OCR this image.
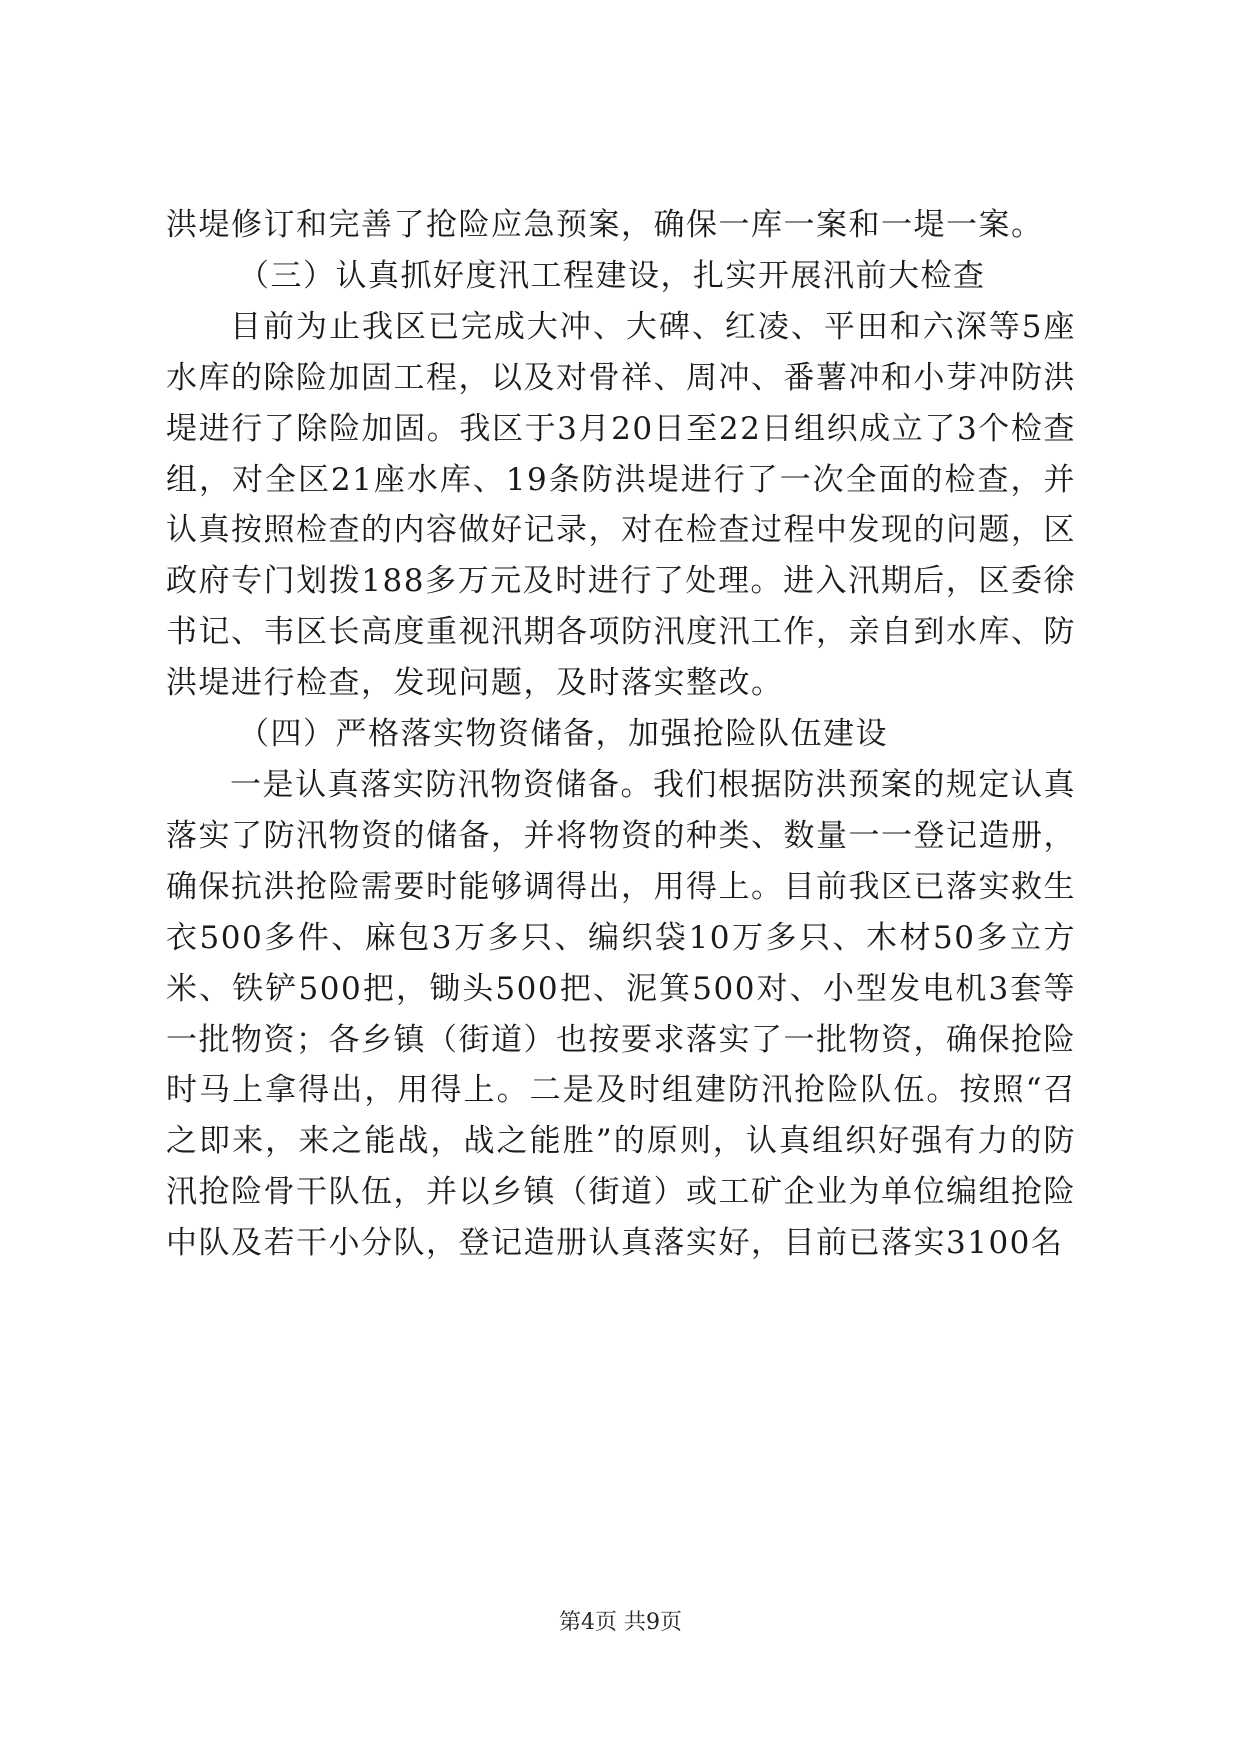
洪堤修订和完善了抢险应急预案，确保一库一案和一堤一案。

（三）认真抓好度汛工程建设，扎实开展汛前大检查

目前为止我区已完成大冲、大碑、红凌、平田和六深等5座水库的除险加固工程，以及对骨祥、周冲、番薯冲和小芽冲防洪堤进行了除险加固。我区于3月20日至22日组织成立了3个检查组，对全区21座水库、19条防洪堤进行了一次全面的检查，并认真按照检查的内容做好记录，对在检查过程中发现的问题，区政府专门划拨188多万元及时进行了处理。进入汛期后，区委徐书记、韦区长高度重视汛期各项防汛度汛工作，亲自到水库、防洪堤进行检查，发现问题，及时落实整改。

（四）严格落实物资储备，加强抢险队伍建设

一是认真落实防汛物资储备。我们根据防洪预案的规定认真落实了防汛物资的储备，并将物资的种类、数量一一登记造册，确保抗洪抢险需要时能够调得出，用得上。目前我区已落实救生衣500多件、麻包3万多只、编织袋10万多只、木材50多立方米、铁铲500把，锄头500把、泥箕500对、小型发电机3套等一批物资；各乡镇（街道）也按要求落实了一批物资，确保抢险时马上拿得出，用得上。二是及时组建防汛抢险队伍。按照“召之即来，来之能战，战之能胜”的原则，认真组织好强有力的防汛抢险骨干队伍，并以乡镇（街道）或工矿企业为单位编组抢险中队及若干小分队，登记造册认真落实好，目前已落实3100名

第4页 共9页
